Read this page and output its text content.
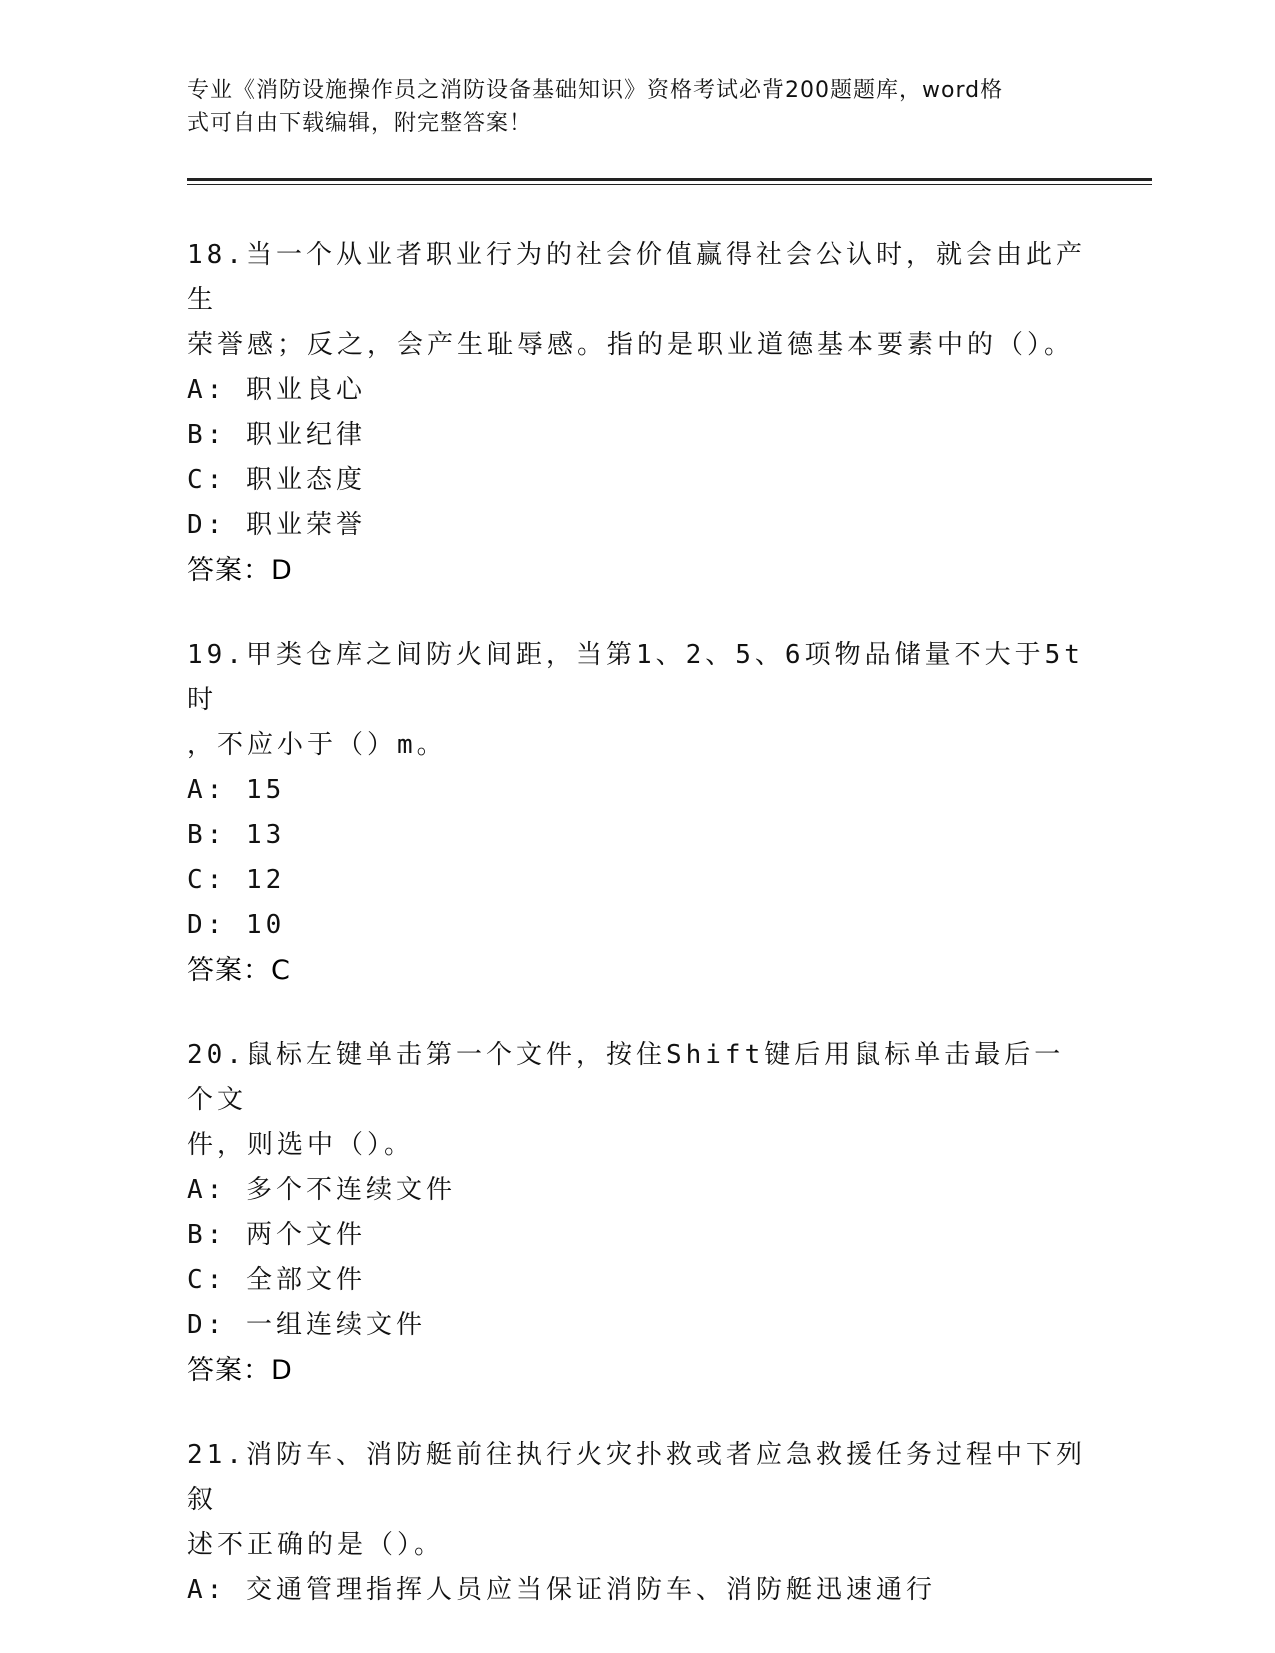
专业《消防设施操作员之消防设备基础知识》资格考试必背200题题库，word格
式可自由下载编辑，附完整答案！
18.当一个从业者职业行为的社会价值赢得社会公认时，就会由此产生
荣誉感；反之，会产生耻辱感。指的是职业道德基本要素中的（）。
A: 职业良心
B: 职业纪律
C: 职业态度
D: 职业荣誉
答案：D
19.甲类仓库之间防火间距，当第1、2、5、6项物品储量不大于5t时
，不应小于（）m。
A: 15
B: 13
C: 12
D: 10
答案：C
20.鼠标左键单击第一个文件，按住Shift键后用鼠标单击最后一个文
件，则选中（）。
A: 多个不连续文件
B: 两个文件
C: 全部文件
D: 一组连续文件
答案：D
21.消防车、消防艇前往执行火灾扑救或者应急救援任务过程中下列叙
述不正确的是（）。
A: 交通管理指挥人员应当保证消防车、消防艇迅速通行
